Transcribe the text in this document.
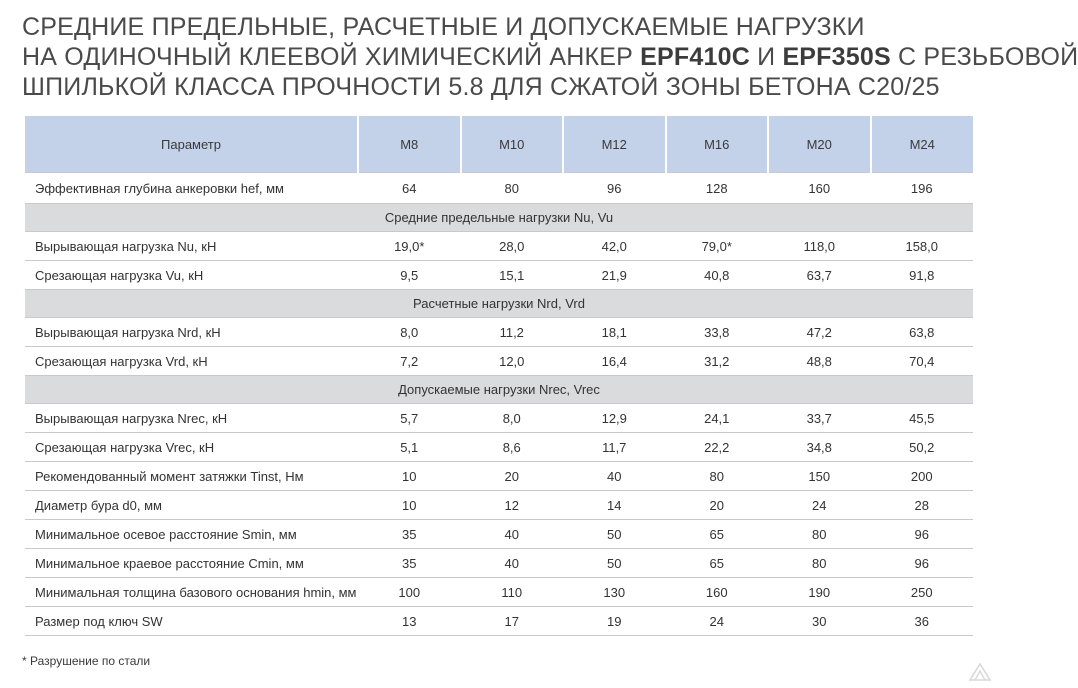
СРЕДНИЕ ПРЕДЕЛЬНЫЕ, РАСЧЕТНЫЕ И ДОПУСКАЕМЫЕ НАГРУЗКИ
НА ОДИНОЧНЫЙ КЛЕЕВОЙ ХИМИЧЕСКИЙ АНКЕР EPF410C И EPF350S С РЕЗЬБОВОЙ
ШПИЛЬКОЙ КЛАССА ПРОЧНОСТИ 5.8 ДЛЯ СЖАТОЙ ЗОНЫ БЕТОНА С20/25
Параметр	М8	М10	М12	М16	М20	М24
Эффективная глубина анкеровки hef, мм	64	80	96	128	160	196
Средние предельные нагрузки Nu, Vu						
Вырывающая нагрузка Nu, кН	19,0*	28,0	42,0	79,0*	118,0	158,0
Срезающая нагрузка Vu, кН	9,5	15,1	21,9	40,8	63,7	91,8
Расчетные нагрузки Nrd, Vrd						
Вырывающая нагрузка Nrd, кН	8,0	11,2	18,1	33,8	47,2	63,8
Срезающая нагрузка Vrd, кН	7,2	12,0	16,4	31,2	48,8	70,4
Допускаемые нагрузки Nrec, Vrec						
Вырывающая нагрузка Nrec, кН	5,7	8,0	12,9	24,1	33,7	45,5
Срезающая нагрузка Vrec, кН	5,1	8,6	11,7	22,2	34,8	50,2
Рекомендованный момент затяжки Tinst, Нм	10	20	40	80	150	200
Диаметр бура d0, мм	10	12	14	20	24	28
Минимальное осевое расстояние Smin, мм	35	40	50	65	80	96
Минимальное краевое расстояние Cmin, мм	35	40	50	65	80	96
Минимальная толщина базового основания hmin, мм	100	110	130	160	190	250
Размер под ключ SW	13	17	19	24	30	36
* Разрушение по стали
